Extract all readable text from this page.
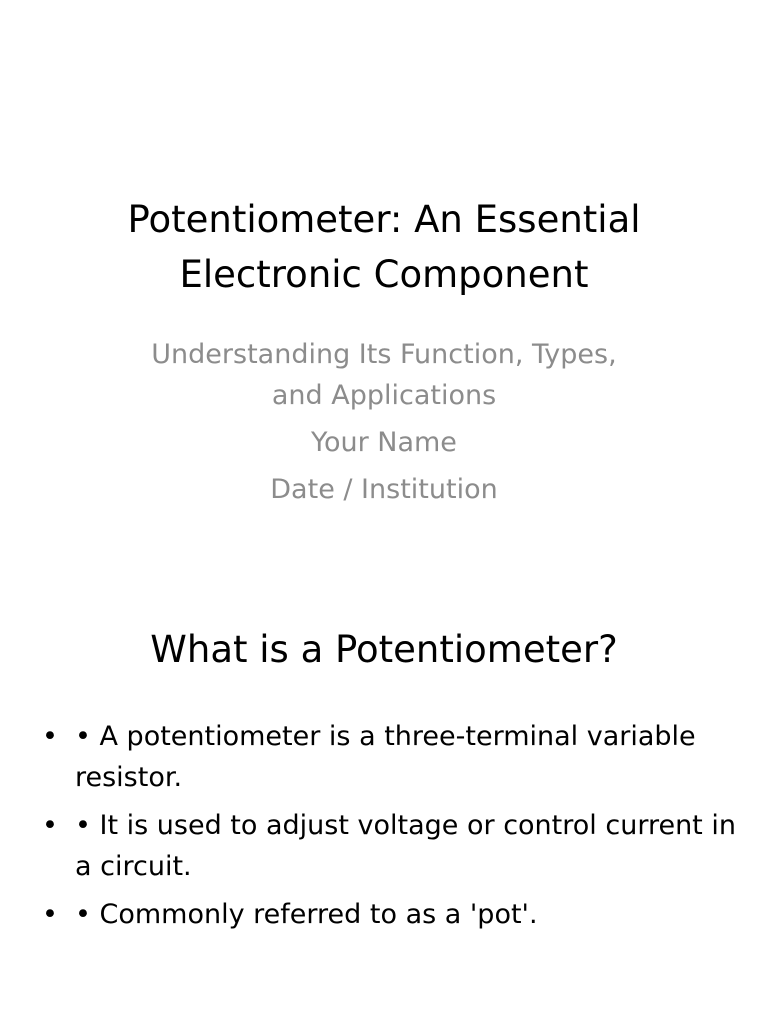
Potentiometer: An Essential
Electronic Component

Understanding Its Function, Types,
and Applications

Your Name

Date / Institution

What is a Potentiometer?
• • A potentiometer is a three-terminal variable resistor.
• • It is used to adjust voltage or control current in a circuit.
• • Commonly referred to as a 'pot'.
